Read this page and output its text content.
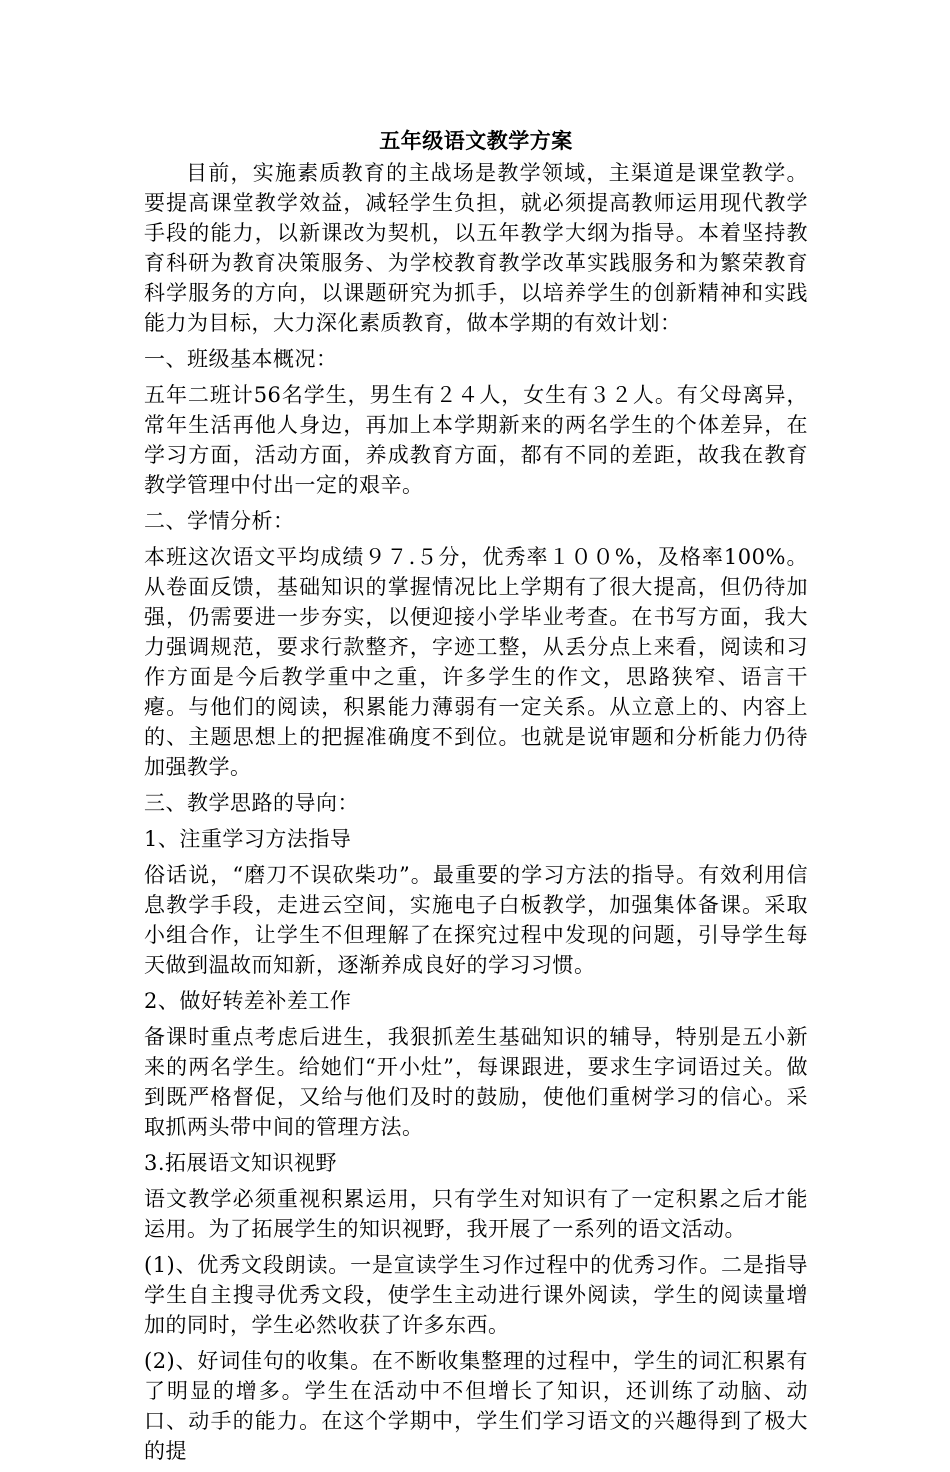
五年级语文教学方案

目前，实施素质教育的主战场是教学领域，主渠道是课堂教学。要提高课堂教学效益，减轻学生负担，就必须提高教师运用现代教学手段的能力，以新课改为契机，以五年教学大纲为指导。本着坚持教育科研为教育决策服务、为学校教育教学改革实践服务和为繁荣教育科学服务的方向，以课题研究为抓手，以培养学生的创新精神和实践能力为目标，大力深化素质教育，做本学期的有效计划：

一、班级基本概况：

五年二班计56名学生，男生有２４人，女生有３２人。有父母离异，常年生活再他人身边，再加上本学期新来的两名学生的个体差异，在学习方面，活动方面，养成教育方面，都有不同的差距，故我在教育教学管理中付出一定的艰辛。

二、学情分析：

本班这次语文平均成绩９７.５分，优秀率１００%，及格率100%。从卷面反馈，基础知识的掌握情况比上学期有了很大提高，但仍待加强，仍需要进一步夯实，以便迎接小学毕业考查。在书写方面，我大力强调规范，要求行款整齐，字迹工整，从丢分点上来看，阅读和习作方面是今后教学重中之重，许多学生的作文，思路狭窄、语言干瘪。与他们的阅读，积累能力薄弱有一定关系。从立意上的、内容上的、主题思想上的把握准确度不到位。也就是说审题和分析能力仍待加强教学。

三、教学思路的导向：

1、注重学习方法指导

俗话说，“磨刀不误砍柴功”。最重要的学习方法的指导。有效利用信息教学手段，走进云空间，实施电子白板教学，加强集体备课。采取小组合作，让学生不但理解了在探究过程中发现的问题，引导学生每天做到温故而知新，逐渐养成良好的学习习惯。

2、做好转差补差工作

备课时重点考虑后进生，我狠抓差生基础知识的辅导，特别是五小新来的两名学生。给她们“开小灶”，每课跟进，要求生字词语过关。做到既严格督促，又给与他们及时的鼓励，使他们重树学习的信心。采取抓两头带中间的管理方法。

3.拓展语文知识视野

语文教学必须重视积累运用，只有学生对知识有了一定积累之后才能运用。为了拓展学生的知识视野，我开展了一系列的语文活动。

(1)、优秀文段朗读。一是宣读学生习作过程中的优秀习作。二是指导学生自主搜寻优秀文段，使学生主动进行课外阅读，学生的阅读量增加的同时，学生必然收获了许多东西。

(2)、好词佳句的收集。在不断收集整理的过程中，学生的词汇积累有了明显的增多。学生在活动中不但增长了知识，还训练了动脑、动口、动手的能力。在这个学期中，学生们学习语文的兴趣得到了极大的提
